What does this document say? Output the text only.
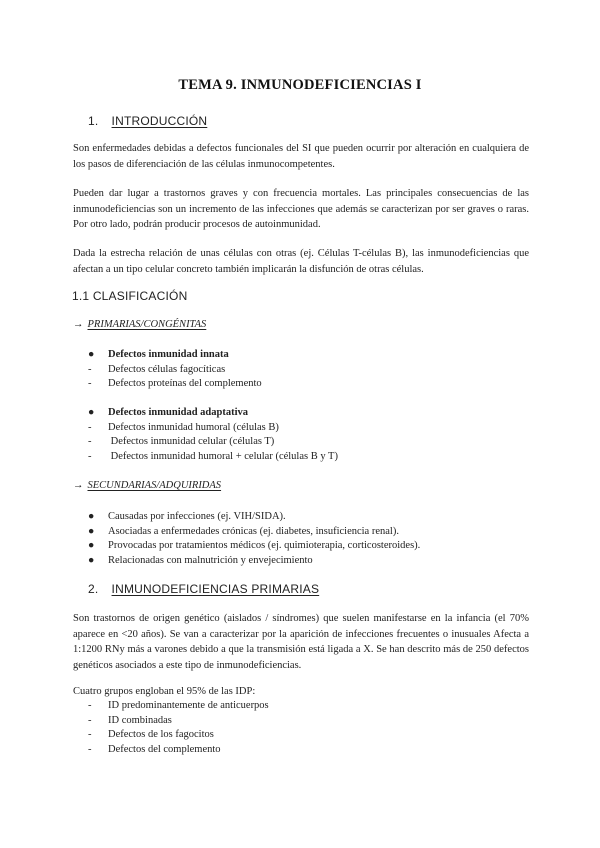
TEMA 9. INMUNODEFICIENCIAS I
1. INTRODUCCIÓN

Son enfermedades debidas a defectos funcionales del SI que pueden ocurrir por alteración en cualquiera de los pasos de diferenciación de las células inmunocompetentes.

Pueden dar lugar a trastornos graves y con frecuencia mortales. Las principales consecuencias de las inmunodeficiencias son un incremento de las infecciones que además se caracterizan por ser graves o raras. Por otro lado, podrán producir procesos de autoinmunidad.

Dada la estrecha relación de unas células con otras (ej. Células T-células B), las inmunodeficiencias que afectan a un tipo celular concreto también implicarán la disfunción de otras células.

1.1 CLASIFICACIÓN
→ PRIMARIAS/CONGÉNITAS
●	Defectos inmunidad innata
-	Defectos células fagocíticas
-	Defectos proteínas del complemento
●	Defectos inmunidad adaptativa
-	Defectos inmunidad humoral (células B)
-	Defectos inmunidad celular (células T)
-	Defectos inmunidad humoral + celular (células B y T)
→ SECUNDARIAS/ADQUIRIDAS
●	Causadas por infecciones (ej. VIH/SIDA).
●	Asociadas a enfermedades crónicas (ej. diabetes, insuficiencia renal).
●	Provocadas por tratamientos médicos (ej. quimioterapia, corticosteroides).
●	Relacionadas con malnutrición y envejecimiento
2. INMUNODEFICIENCIAS PRIMARIAS

Son trastornos de origen genético (aislados / síndromes) que suelen manifestarse en la infancia (el 70% aparece en <20 años). Se van a caracterizar por la aparición de infecciones frecuentes o inusuales Afecta a 1:1200 RNy más a varones debido a que la transmisión está ligada a X. Se han descrito más de 250 defectos genéticos asociados a este tipo de inmunodeficiencias.

Cuatro grupos engloban el 95% de las IDP:

-	ID predominantemente de anticuerpos
-	ID combinadas
-	Defectos de los fagocitos
-	Defectos del complemento
